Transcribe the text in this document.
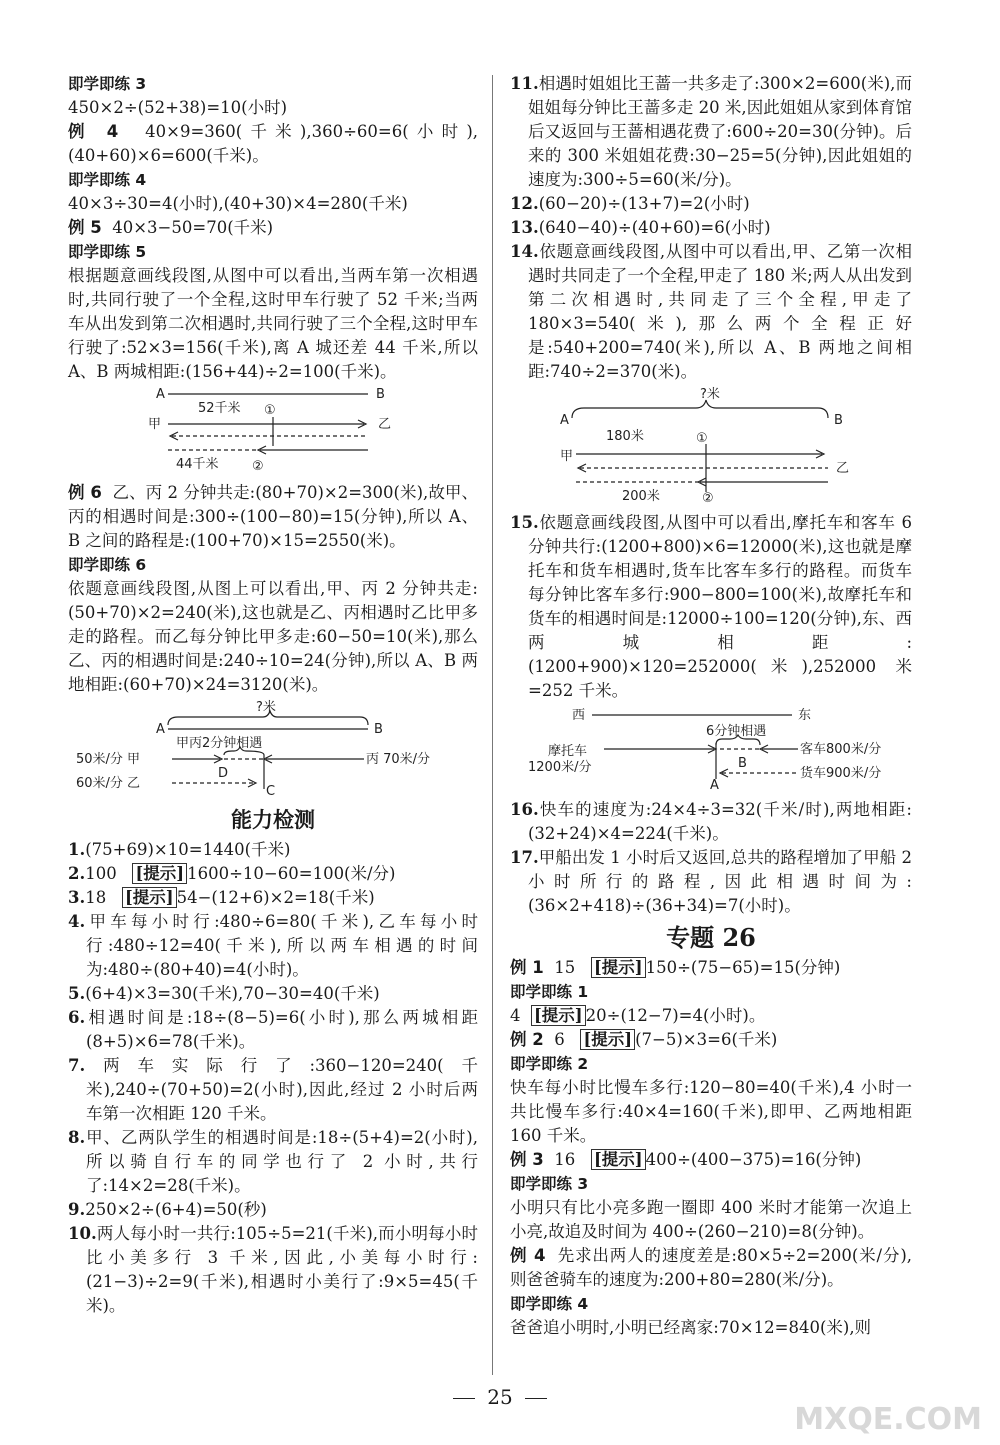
即学即练 3
450×2÷(52+38)=10(小时)
例 4 40×9=360(千米),360÷60=6(小时),(40+60)×6=600(千米)。
即学即练 4
40×3÷30=4(小时),(40+30)×4=280(千米)
例 5 40×3−50=70(千米)
即学即练 5
根据题意画线段图,从图中可以看出,当两车第一次相遇时,共同行驶了一个全程,这时甲车行驶了 52 千米;当两车从出发到第二次相遇时,共同行驶了三个全程,这时甲车行驶了:52×3=156(千米),离 A 城还差 44 千米,所以 A、B 两城相距:(156+44)÷2=100(千米)。
A	B
52千米 ①
甲	乙
44千米	②
例 6 乙、丙 2 分钟共走:(80+70)×2=300(米),故甲、丙的相遇时间是:300÷(100−80)=15(分钟),所以 A、B 之间的路程是:(100+70)×15=2550(米)。
即学即练 6
依题意画线段图,从图上可以看出,甲、丙 2 分钟共走:(50+70)×2=240(米),这也就是乙、丙相遇时乙比甲多走的路程。而乙每分钟比甲多走:60−50=10(米),那么乙、丙的相遇时间是:240÷10=24(分钟),所以 A、B 两地相距:(60+70)×24=3120(米)。
?米
A	B
甲丙2分钟相遇
50米/分 甲	丙 70米/分
60米/分 乙
D
C
能力检测
1.(75+69)×10=1440(千米)
2.100 [提示] 1600÷10−60=100(米/分)
3.18 [提示] 54−(12+6)×2=18(千米)
4.甲车每小时行:480÷6=80(千米),乙车每小时行:480÷12=40(千米),所以两车相遇的时间为:480÷(80+40)=4(小时)。
5.(6+4)×3=30(千米),70−30=40(千米)
6.相遇时间是:18÷(8−5)=6(小时),那么两城相距(8+5)×6=78(千米)。
7.两车实际行了:360−120=240(千米),240÷(70+50)=2(小时),因此,经过 2 小时后两车第一次相距 120 千米。
8.甲、乙两队学生的相遇时间是:18÷(5+4)=2(小时),所以骑自行车的同学也行了 2 小时,共行了:14×2=28(千米)。
9.250×2÷(6+4)=50(秒)
10.两人每小时一共行:105÷5=21(千米),而小明每小时比小美多行 3 千米,因此,小美每小时行:(21−3)÷2=9(千米),相遇时小美行了:9×5=45(千米)。
11.相遇时姐姐比王蔷一共多走了:300×2=600(米),而姐姐每分钟比王蔷多走 20 米,因此姐姐从家到体育馆后又返回与王蔷相遇花费了:600÷20=30(分钟)。后来的 300 米姐姐花费:30−25=5(分钟),因此姐姐的速度为:300÷5=60(米/分)。
12.(60−20)÷(13+7)=2(小时)
13.(640−40)÷(40+60)=6(小时)
14.依题意画线段图,从图中可以看出,甲、乙第一次相遇时共同走了一个全程,甲走了 180 米;两人从出发到第二次相遇时,共同走了三个全程,甲走了 180×3=540(米),那么两个全程正好是:540+200=740(米),所以 A、B 两地之间相距:740÷2=370(米)。
?米
A	B
180米	①
甲
乙
200米	②
15.依题意画线段图,从图中可以看出,摩托车和客车 6 分钟共行:(1200+800)×6=12000(米),这也就是摩托车和货车相遇时,货车比客车多行的路程。而货车每分钟比客车多行:900−800=100(米),故摩托车和货车的相遇时间是:12000÷100=120(分钟),东、西两城相距:(1200+900)×120=252000(米),252000 米=252 千米。
西	东
6分钟相遇
摩托车
1200米/分
客车800米/分
货车900米/分
B
A
16.快车的速度为:24×4÷3=32(千米/时),两地相距:(32+24)×4=224(千米)。
17.甲船出发 1 小时后又返回,总共的路程增加了甲船 2 小时所行的路程,因此相遇时间为:(36×2+418)÷(36+34)=7(小时)。
专题 26
例 1 15 [提示] 150÷(75−65)=15(分钟)
即学即练 1
4 [提示] 20÷(12−7)=4(小时)。
例 2 6 [提示] (7−5)×3=6(千米)
即学即练 2
快车每小时比慢车多行:120−80=40(千米),4 小时一共比慢车多行:40×4=160(千米),即甲、乙两地相距 160 千米。
例 3 16 [提示] 400÷(400−375)=16(分钟)
即学即练 3
小明只有比小亮多跑一圈即 400 米时才能第一次追上小亮,故追及时间为 400÷(260−210)=8(分钟)。
例 4 先求出两人的速度差是:80×5÷2=200(米/分),则爸爸骑车的速度为:200+80=280(米/分)。
即学即练 4
爸爸追小明时,小明已经离家:70×12=840(米),则
25
MXQE.COM
